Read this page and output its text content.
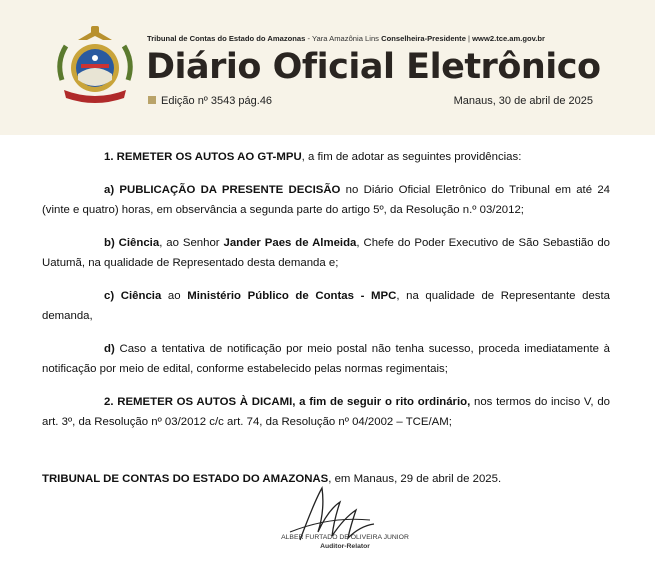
Tribunal de Contas do Estado do Amazonas - Yara Amazônia Lins Conselheira-Presidente | www2.tce.am.gov.br
Diário Oficial Eletrônico
Edição nº 3543 pág.46	Manaus, 30 de abril de 2025

1. REMETER OS AUTOS AO GT-MPU, a fim de adotar as seguintes providências:

a) PUBLICAÇÃO DA PRESENTE DECISÃO no Diário Oficial Eletrônico do Tribunal em até 24 (vinte e quatro) horas, em observância a segunda parte do artigo 5º, da Resolução n.º 03/2012;

b) Ciência, ao Senhor Jander Paes de Almeida, Chefe do Poder Executivo de São Sebastião do Uatumã, na qualidade de Representado desta demanda e;

c) Ciência ao Ministério Público de Contas - MPC, na qualidade de Representante desta demanda,

d) Caso a tentativa de notificação por meio postal não tenha sucesso, proceda imediatamente à notificação por meio de edital, conforme estabelecido pelas normas regimentais;

2. REMETER OS AUTOS À DICAMI, a fim de seguir o rito ordinário, nos termos do inciso V, do art. 3º, da Resolução nº 03/2012 c/c art. 74, da Resolução nº 04/2002 – TCE/AM;

TRIBUNAL DE CONTAS DO ESTADO DO AMAZONAS, em Manaus, 29 de abril de 2025.

ALBER FURTADO DE OLIVEIRA JUNIOR
Auditor-Relator
